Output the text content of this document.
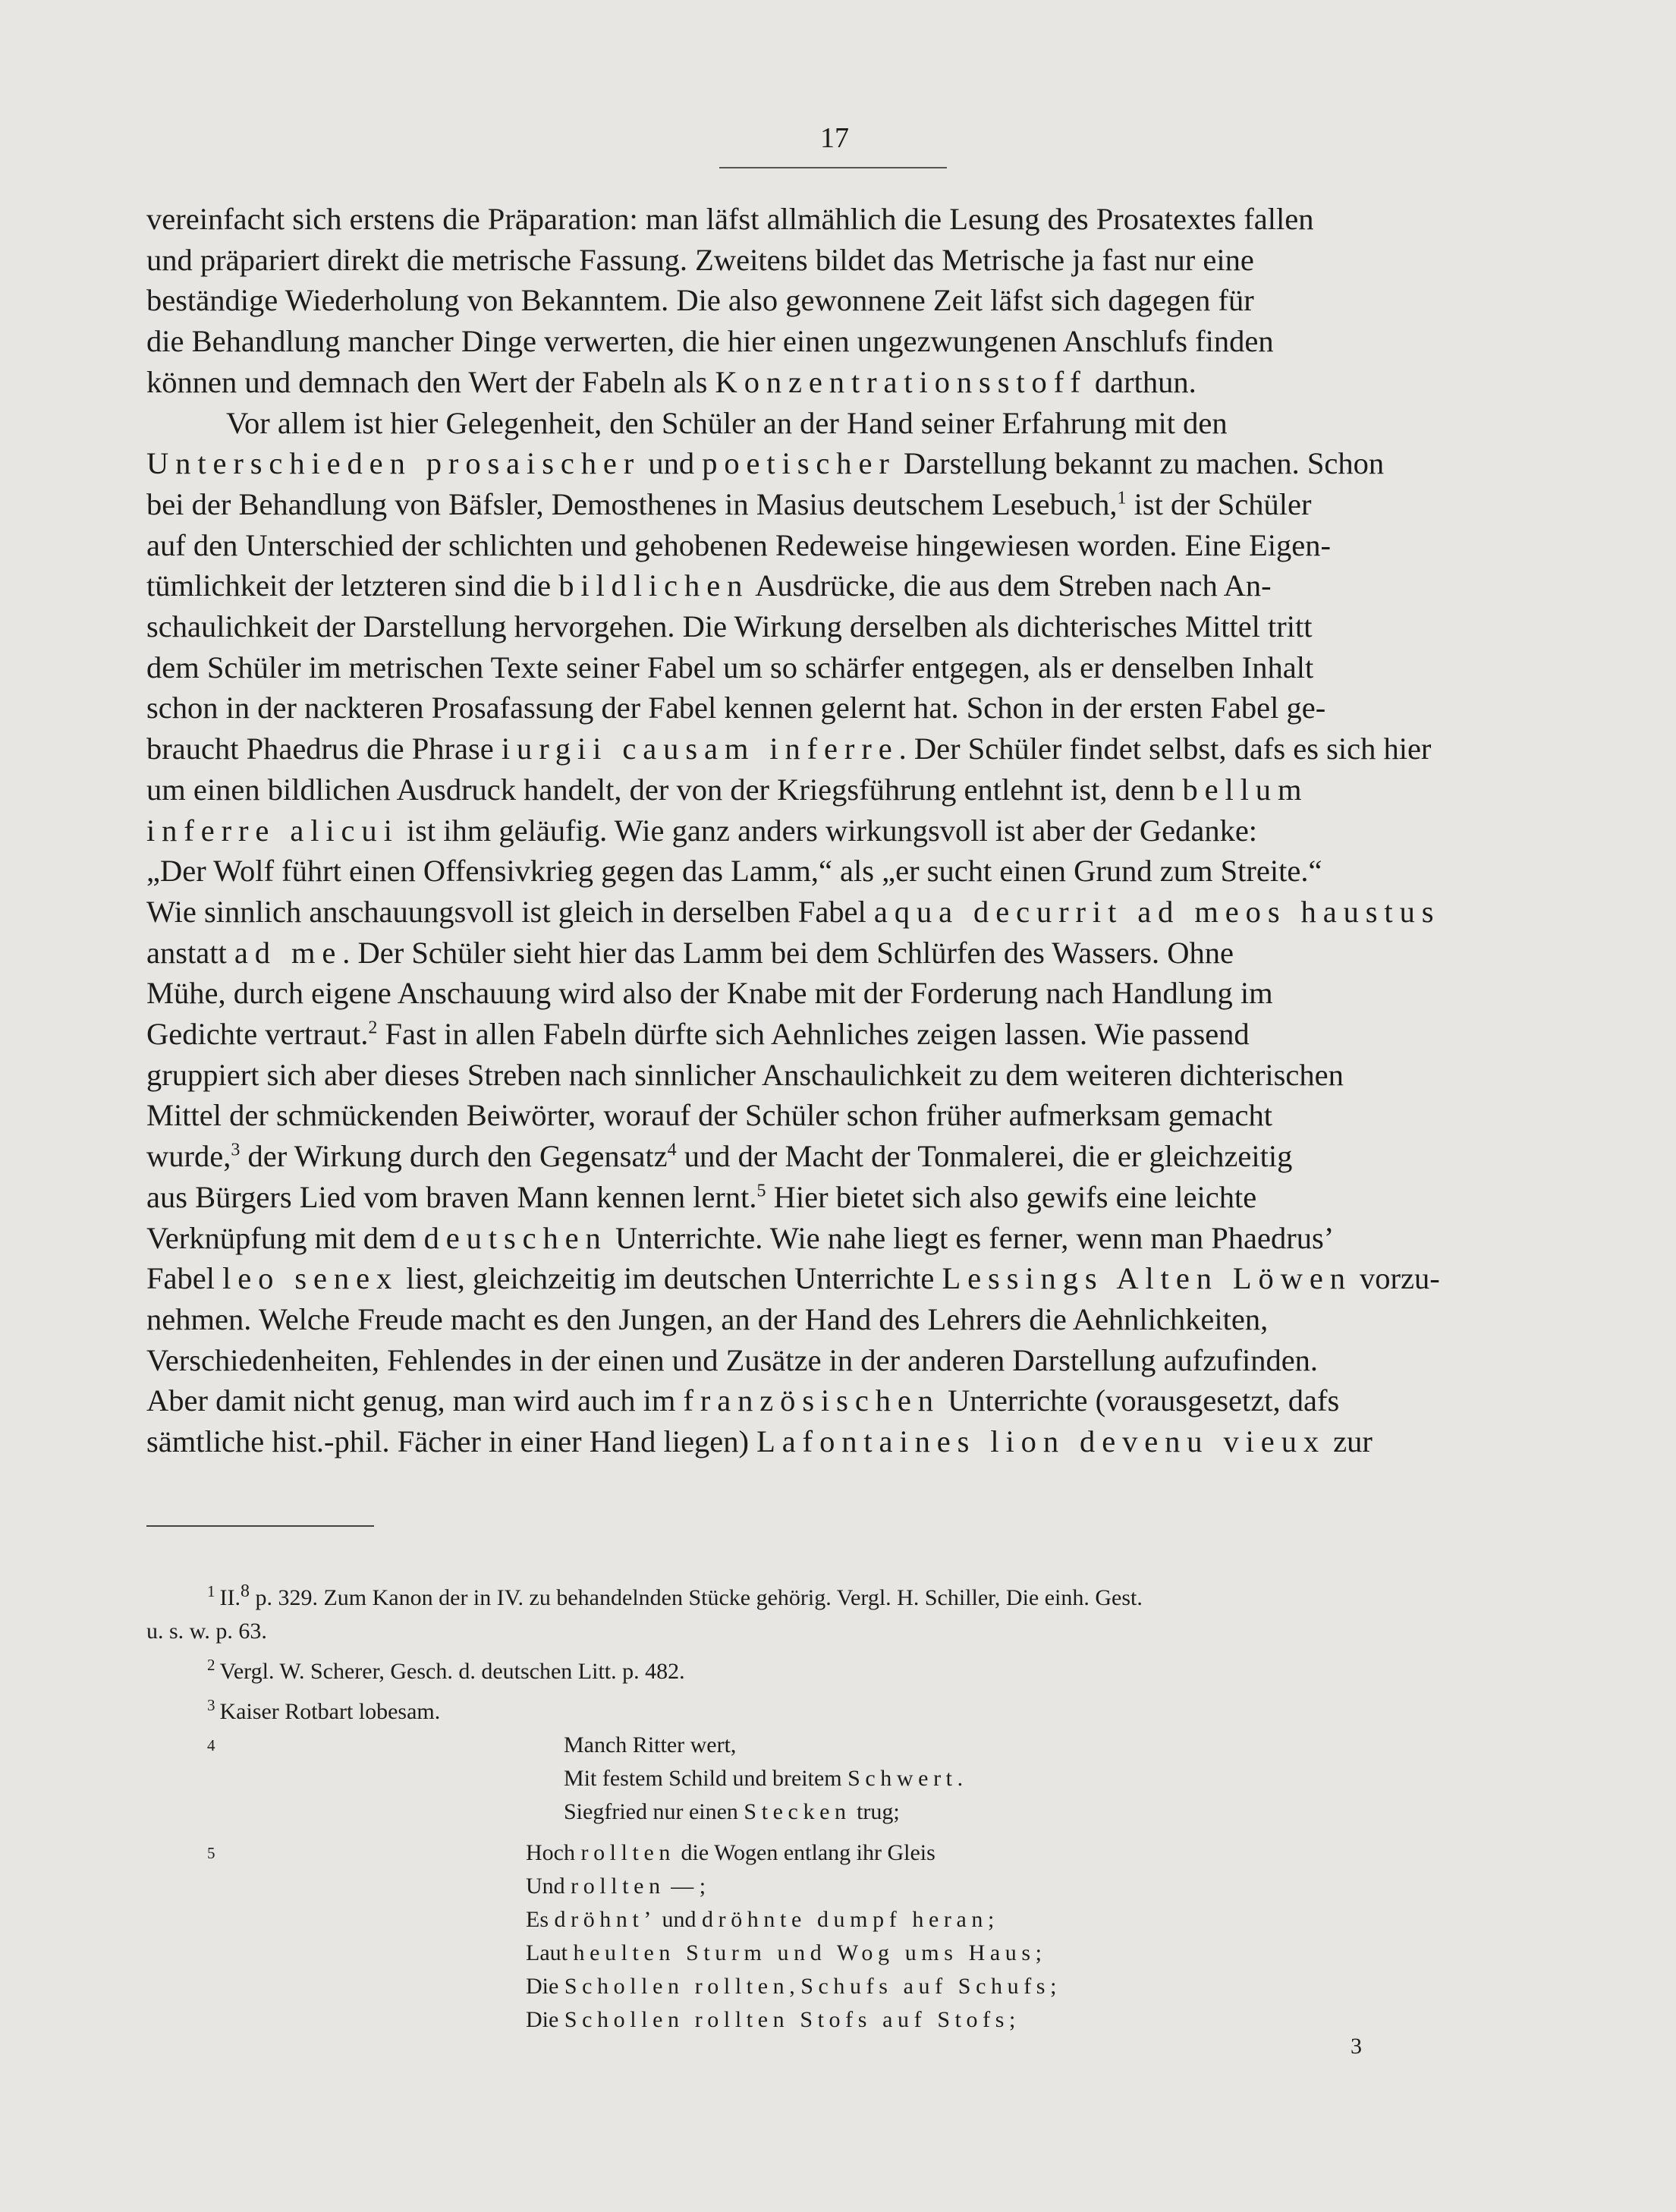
17
vereinfacht sich erstens die Präparation: man läfst allmählich die Lesung des Prosatextes fallen
und präpariert direkt die metrische Fassung. Zweitens bildet das Metrische ja fast nur eine
beständige Wiederholung von Bekanntem. Die also gewonnene Zeit läfst sich dagegen für
die Behandlung mancher Dinge verwerten, die hier einen ungezwungenen Anschlufs finden
können und demnach den Wert der Fabeln als Konzentrationsstoff darthun.
Vor allem ist hier Gelegenheit, den Schüler an der Hand seiner Erfahrung mit den
Unterschieden prosaischer und poetischer Darstellung bekannt zu machen. Schon
bei der Behandlung von Bäfsler, Demosthenes in Masius deutschem Lesebuch,$^1$ ist der Schüler
auf den Unterschied der schlichten und gehobenen Redeweise hingewiesen worden. Eine Eigen-
tümlichkeit der letzteren sind die bildlichen Ausdrücke, die aus dem Streben nach An-
schaulichkeit der Darstellung hervorgehen. Die Wirkung derselben als dichterisches Mittel tritt
dem Schüler im metrischen Texte seiner Fabel um so schärfer entgegen, als er denselben Inhalt
schon in der nackteren Prosafassung der Fabel kennen gelernt hat. Schon in der ersten Fabel ge-
braucht Phaedrus die Phrase iurgii causam inferre. Der Schüler findet selbst, dafs es sich hier
um einen bildlichen Ausdruck handelt, der von der Kriegsführung entlehnt ist, denn bellum
inferre alicui ist ihm geläufig. Wie ganz anders wirkungsvoll ist aber der Gedanke:
„Der Wolf führt einen Offensivkrieg gegen das Lamm,“ als „er sucht einen Grund zum Streite.“
Wie sinnlich anschauungsvoll ist gleich in derselben Fabel aqua decurrit ad meos haustus
anstatt ad me. Der Schüler sieht hier das Lamm bei dem Schlürfen des Wassers. Ohne
Mühe, durch eigene Anschauung wird also der Knabe mit der Forderung nach Handlung im
Gedichte vertraut.$^2$ Fast in allen Fabeln dürfte sich Aehnliches zeigen lassen. Wie passend
gruppiert sich aber dieses Streben nach sinnlicher Anschaulichkeit zu dem weiteren dichterischen
Mittel der schmückenden Beiwörter, worauf der Schüler schon früher aufmerksam gemacht
wurde,$^3$ der Wirkung durch den Gegensatz$^4$ und der Macht der Tonmalerei, die er gleichzeitig
aus Bürgers Lied vom braven Mann kennen lernt.$^5$ Hier bietet sich also gewifs eine leichte
Verknüpfung mit dem deutschen Unterrichte. Wie nahe liegt es ferner, wenn man Phaedrus’
Fabel leo senex liest, gleichzeitig im deutschen Unterrichte Lessings Alten Löwen vorzu-
nehmen. Welche Freude macht es den Jungen, an der Hand des Lehrers die Aehnlichkeiten,
Verschiedenheiten, Fehlendes in der einen und Zusätze in der anderen Darstellung aufzufinden.
Aber damit nicht genug, man wird auch im französischen Unterrichte (vorausgesetzt, dafs
sämtliche hist.-phil. Fächer in einer Hand liegen) Lafontaines lion devenu vieux zur
$^1$ II.$^8$ p. 329. Zum Kanon der in IV. zu behandelnden Stücke gehörig. Vergl. H. Schiller, Die einh. Gest.
u. s. w. p. 63.
$^2$ Vergl. W. Scherer, Gesch. d. deutschen Litt. p. 482.
$^3$ Kaiser Rotbart lobesam.
4	Manch Ritter wert,
Mit festem Schild und breitem Schwert.
Siegfried nur einen Stecken trug;
5	Hoch rollten die Wogen entlang ihr Gleis
Und rollten — ;
Es dröhnt’ und dröhnte dumpf heran;
Laut heulten Sturm und Wog ums Haus;
Die Schollen rollten, Schufs auf Schufs;
Die Schollen rollten Stofs auf Stofs;
3
